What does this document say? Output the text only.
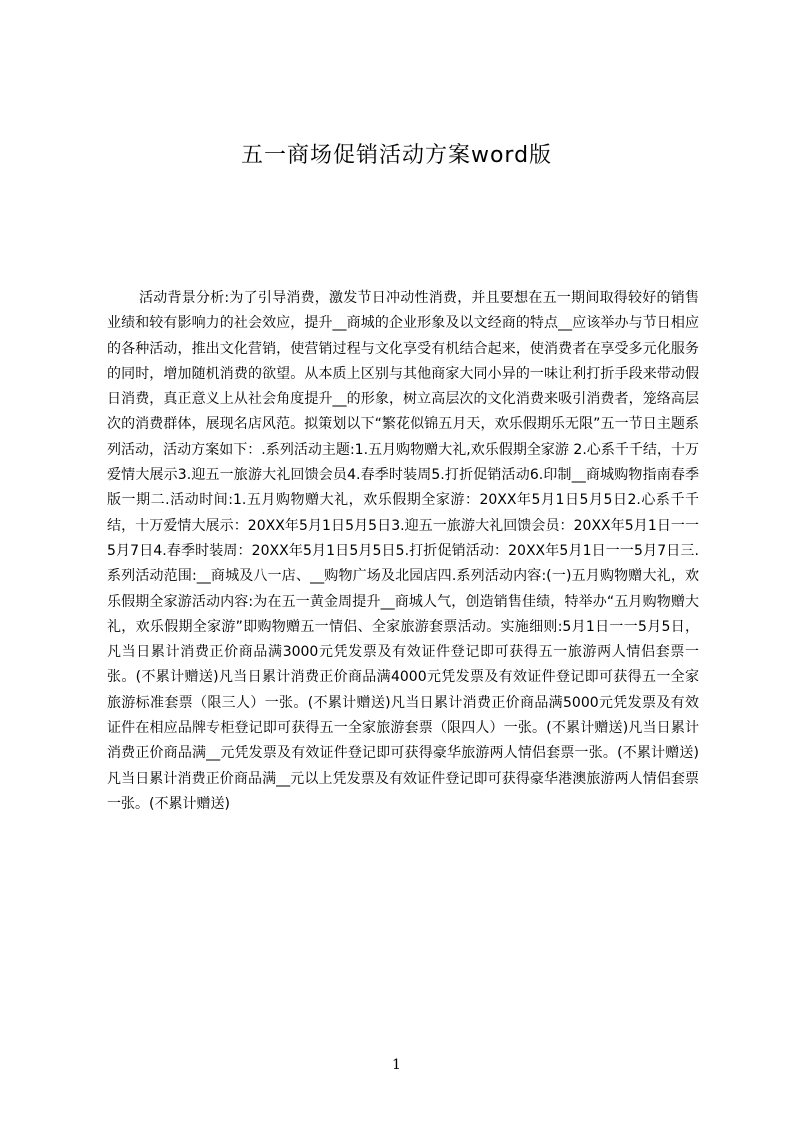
五一商场促销活动方案word版

活动背景分析:为了引导消费，激发节日冲动性消费，并且要想在五一期间取得较好的销售业绩和较有影响力的社会效应，提升__商城的企业形象及以文经商的特点__应该举办与节日相应的各种活动，推出文化营销，使营销过程与文化享受有机结合起来，使消费者在享受多元化服务的同时，增加随机消费的欲望。从本质上区别与其他商家大同小异的一味让利打折手段来带动假日消费，真正意义上从社会角度提升__的形象，树立高层次的文化消费来吸引消费者，笼络高层次的消费群体，展现名店风范。拟策划以下“繁花似锦五月天，欢乐假期乐无限”五一节日主题系列活动，活动方案如下：.系列活动主题:1.五月购物赠大礼,欢乐假期全家游 2.心系千千结，十万爱情大展示3.迎五一旅游大礼回馈会员4.春季时装周5.打折促销活动6.印制__商城购物指南春季版一期二.活动时间:1.五月购物赠大礼，欢乐假期全家游：20XX年5月1日5月5日2.心系千千结，十万爱情大展示：20XX年5月1日5月5日3.迎五一旅游大礼回馈会员：20XX年5月1日一一5月7日4.春季时装周：20XX年5月1日5月5日5.打折促销活动：20XX年5月1日一一5月7日三.系列活动范围:__商城及八一店、__购物广场及北园店四.系列活动内容:(一)五月购物赠大礼，欢乐假期全家游活动内容:为在五一黄金周提升__商城人气，创造销售佳绩，特举办“五月购物赠大礼，欢乐假期全家游”即购物赠五一情侣、全家旅游套票活动。实施细则:5月1日一一5月5日，凡当日累计消费正价商品满3000元凭发票及有效证件登记即可获得五一旅游两人情侣套票一张。(不累计赠送)凡当日累计消费正价商品满4000元凭发票及有效证件登记即可获得五一全家旅游标准套票（限三人）一张。(不累计赠送)凡当日累计消费正价商品满5000元凭发票及有效证件在相应品牌专柜登记即可获得五一全家旅游套票（限四人）一张。(不累计赠送)凡当日累计消费正价商品满__元凭发票及有效证件登记即可获得豪华旅游两人情侣套票一张。(不累计赠送)凡当日累计消费正价商品满__元以上凭发票及有效证件登记即可获得豪华港澳旅游两人情侣套票一张。(不累计赠送)

1
